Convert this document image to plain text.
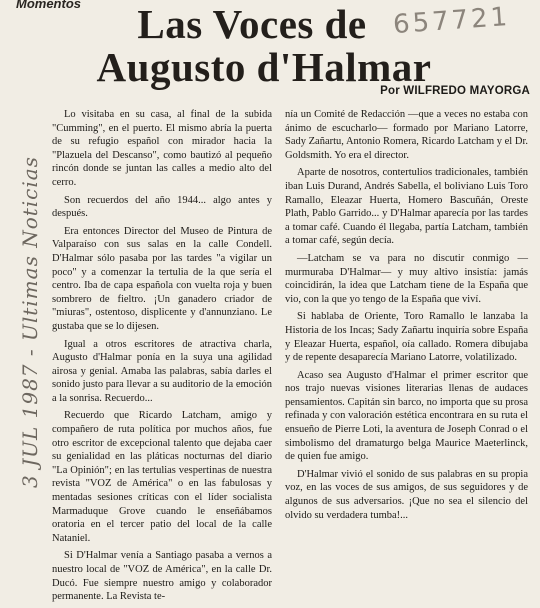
Momentos	657721
3 JUL 1987 - Ultimas Noticias
Las Voces de
Augusto d'Halmar
Por WILFREDO MAYORGA

Lo visitaba en su casa, al final de la subida "Cumming", en el puerto. El mismo abría la puerta de su refugio español con mirador hacia la "Plazuela del Descanso", como bautizó al pequeño rincón donde se juntan las calles a medio alto del cerro.

Son recuerdos del año 1944... algo antes y después.

Era entonces Director del Museo de Pintura de Valparaíso con sus salas en la calle Condell. D'Halmar sólo pasaba por las tardes "a vigilar un poco" y a comenzar la tertulia de la que sería el centro. Iba de capa española con vuelta roja y buen sombrero de fieltro. ¡Un ganadero criador de "miuras", ostentoso, displicente y d'annunziano. Le gustaba que se lo dijesen.

Igual a otros escritores de atractiva charla, Augusto d'Halmar ponía en la suya una agilidad airosa y genial. Amaba las palabras, sabía darles el sonido justo para llevar a su auditorio de la emoción a la sonrisa. Recuerdo...

Recuerdo que Ricardo Latcham, amigo y compañero de ruta política por muchos años, fue otro escritor de excepcional talento que dejaba caer su genialidad en las pláticas nocturnas del diario "La Opinión"; en las tertulias vespertinas de nuestra revista "VOZ de América" o en las fabulosas y mentadas sesiones críticas con el líder socialista Marmaduque Grove cuando le enseñábamos oratoria en el tercer patio del local de la calle Nataniel.

Si D'Halmar venía a Santiago pasaba a vernos a nuestro local de "VOZ de América", en la calle Dr. Ducó. Fue siempre nuestro amigo y colaborador permanente. La Revista te-

nía un Comité de Redacción —que a veces no estaba con ánimo de escucharlo— formado por Mariano Latorre, Sady Zañartu, Antonio Romera, Ricardo Latcham y el Dr. Goldsmith. Yo era el director.

Aparte de nosotros, contertulios tradicionales, también iban Luis Durand, Andrés Sabella, el boliviano Luis Toro Ramallo, Eleazar Huerta, Homero Bascuñán, Oreste Plath, Pablo Garrido... y D'Halmar aparecía por las tardes a tomar café. Cuando él llegaba, partía Latcham, también a tomar café, según decía.

—Latcham se va para no discutir conmigo —murmuraba D'Halmar— y muy altivo insistía: jamás coincidirán, la idea que Latcham tiene de la España que vio, con la que yo tengo de la España que viví.

Si hablaba de Oriente, Toro Ramallo le lanzaba la Historia de los Incas; Sady Zañartu inquiría sobre España y Eleazar Huerta, español, oía callado. Romera dibujaba y de repente desaparecía Mariano Latorre, volatilizado.

Acaso sea Augusto d'Halmar el primer escritor que nos trajo nuevas visiones literarias llenas de audaces pensamientos. Capitán sin barco, no importa que su prosa refinada y con valoración estética encontrara en su ruta el ensueño de Pierre Loti, la aventura de Joseph Conrad o el simbolismo del dramaturgo belga Maurice Maeterlinck, de quien fue amigo.

D'Halmar vivió el sonido de sus palabras en su propia voz, en las voces de sus amigos, de sus seguidores y de algunos de sus adversarios. ¡Que no sea el silencio del olvido su verdadera tumba!...
